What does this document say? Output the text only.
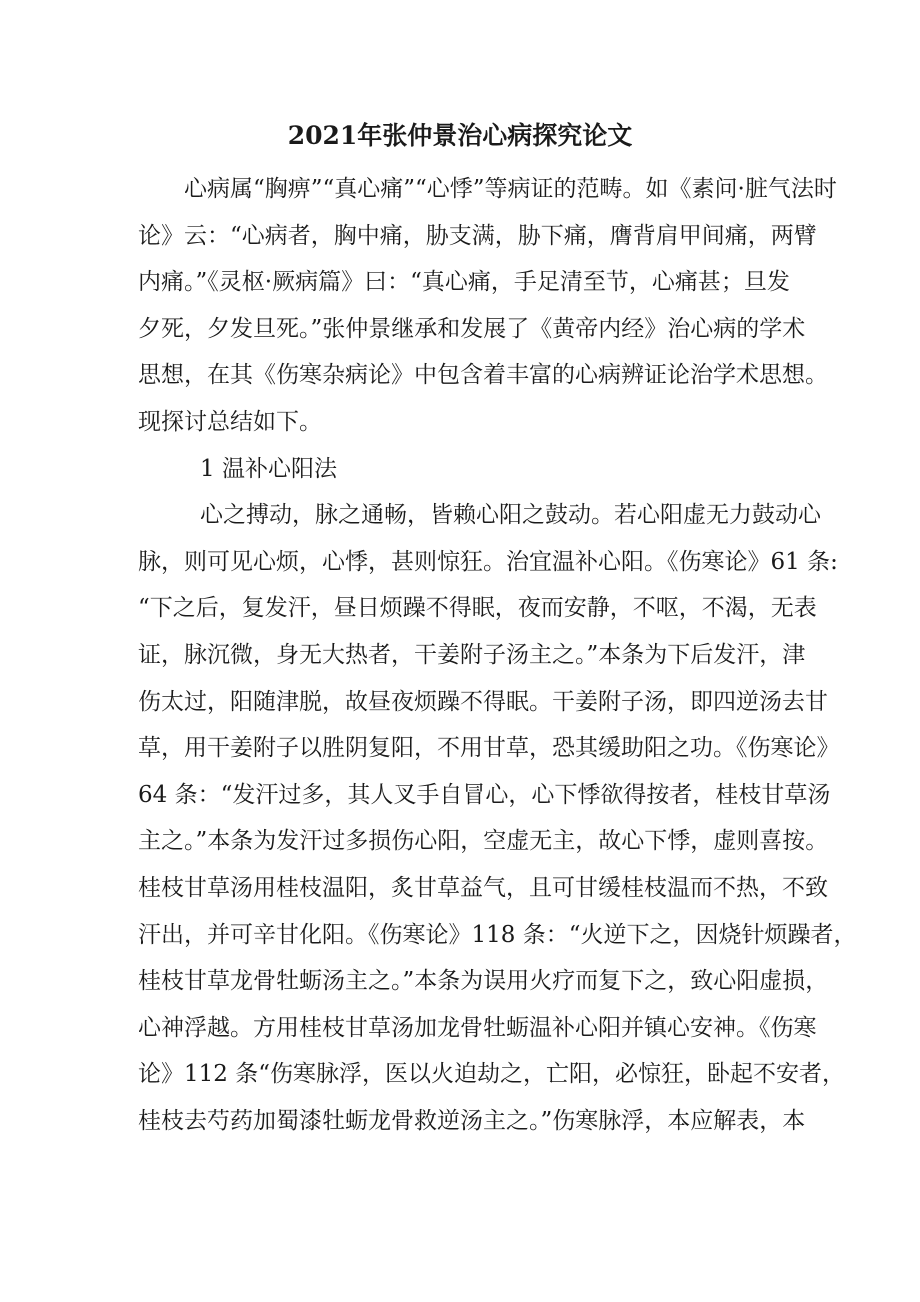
2021年张仲景治心病探究论文
心病属“胸痹”“真心痛”“心悸”等病证的范畴。如《素问·脏气法时
论》云：“心病者，胸中痛，胁支满，胁下痛，膺背肩甲间痛，两臂
内痛。”《灵枢·厥病篇》曰：“真心痛，手足清至节，心痛甚；旦发
夕死，夕发旦死。”张仲景继承和发展了《黄帝内经》治心病的学术
思想，在其《伤寒杂病论》中包含着丰富的心病辨证论治学术思想。
现探讨总结如下。
1 温补心阳法
心之搏动，脉之通畅，皆赖心阳之鼓动。若心阳虚无力鼓动心
脉，则可见心烦，心悸，甚则惊狂。治宜温补心阳。《伤寒论》61 条:
“下之后，复发汗，昼日烦躁不得眠，夜而安静，不呕，不渴，无表
证，脉沉微，身无大热者，干姜附子汤主之。”本条为下后发汗，津
伤太过，阳随津脱，故昼夜烦躁不得眠。干姜附子汤，即四逆汤去甘
草，用干姜附子以胜阴复阳，不用甘草，恐其缓助阳之功。《伤寒论》
64 条：“发汗过多，其人叉手自冒心，心下悸欲得按者，桂枝甘草汤
主之。”本条为发汗过多损伤心阳，空虚无主，故心下悸，虚则喜按。
桂枝甘草汤用桂枝温阳，炙甘草益气，且可甘缓桂枝温而不热，不致
汗出，并可辛甘化阳。《伤寒论》118 条：“火逆下之，因烧针烦躁者，
桂枝甘草龙骨牡蛎汤主之。”本条为误用火疗而复下之，致心阳虚损，
心神浮越。方用桂枝甘草汤加龙骨牡蛎温补心阳并镇心安神。《伤寒
论》112 条“伤寒脉浮，医以火迫劫之，亡阳，必惊狂，卧起不安者，
桂枝去芍药加蜀漆牡蛎龙骨救逆汤主之。”伤寒脉浮，本应解表，本
